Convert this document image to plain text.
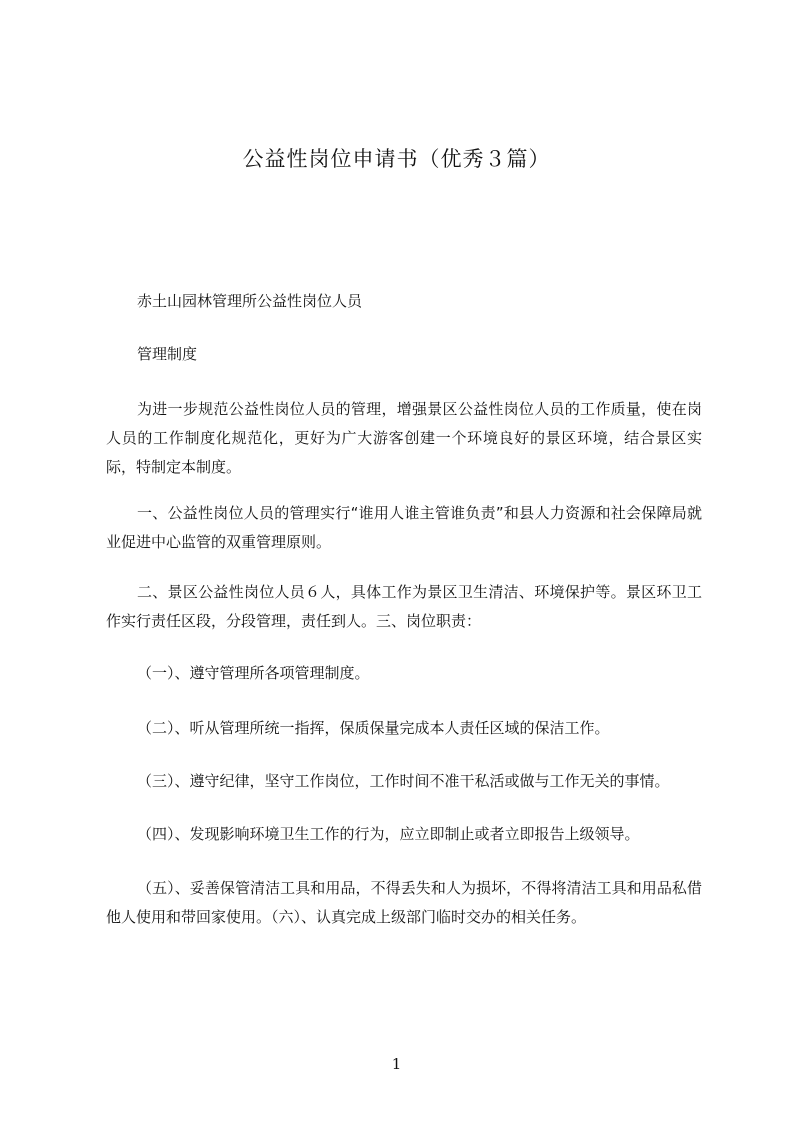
公益性岗位申请书（优秀３篇）
赤土山园林管理所公益性岗位人员
管理制度
为进一步规范公益性岗位人员的管理，增强景区公益性岗位人员的工作质量，使在岗人员的工作制度化规范化，更好为广大游客创建一个环境良好的景区环境，结合景区实际，特制定本制度。
一、公益性岗位人员的管理实行“谁用人谁主管谁负责”和县人力资源和社会保障局就业促进中心监管的双重管理原则。
二、景区公益性岗位人员６人，具体工作为景区卫生清洁、环境保护等。景区环卫工作实行责任区段，分段管理，责任到人。三、岗位职责：
（一）、遵守管理所各项管理制度。
（二）、听从管理所统一指挥，保质保量完成本人责任区域的保洁工作。
（三）、遵守纪律，坚守工作岗位，工作时间不准干私活或做与工作无关的事情。
（四）、发现影响环境卫生工作的行为，应立即制止或者立即报告上级领导。
（五）、妥善保管清洁工具和用品，不得丢失和人为损坏，不得将清洁工具和用品私借他人使用和带回家使用。（六）、认真完成上级部门临时交办的相关任务。
1
